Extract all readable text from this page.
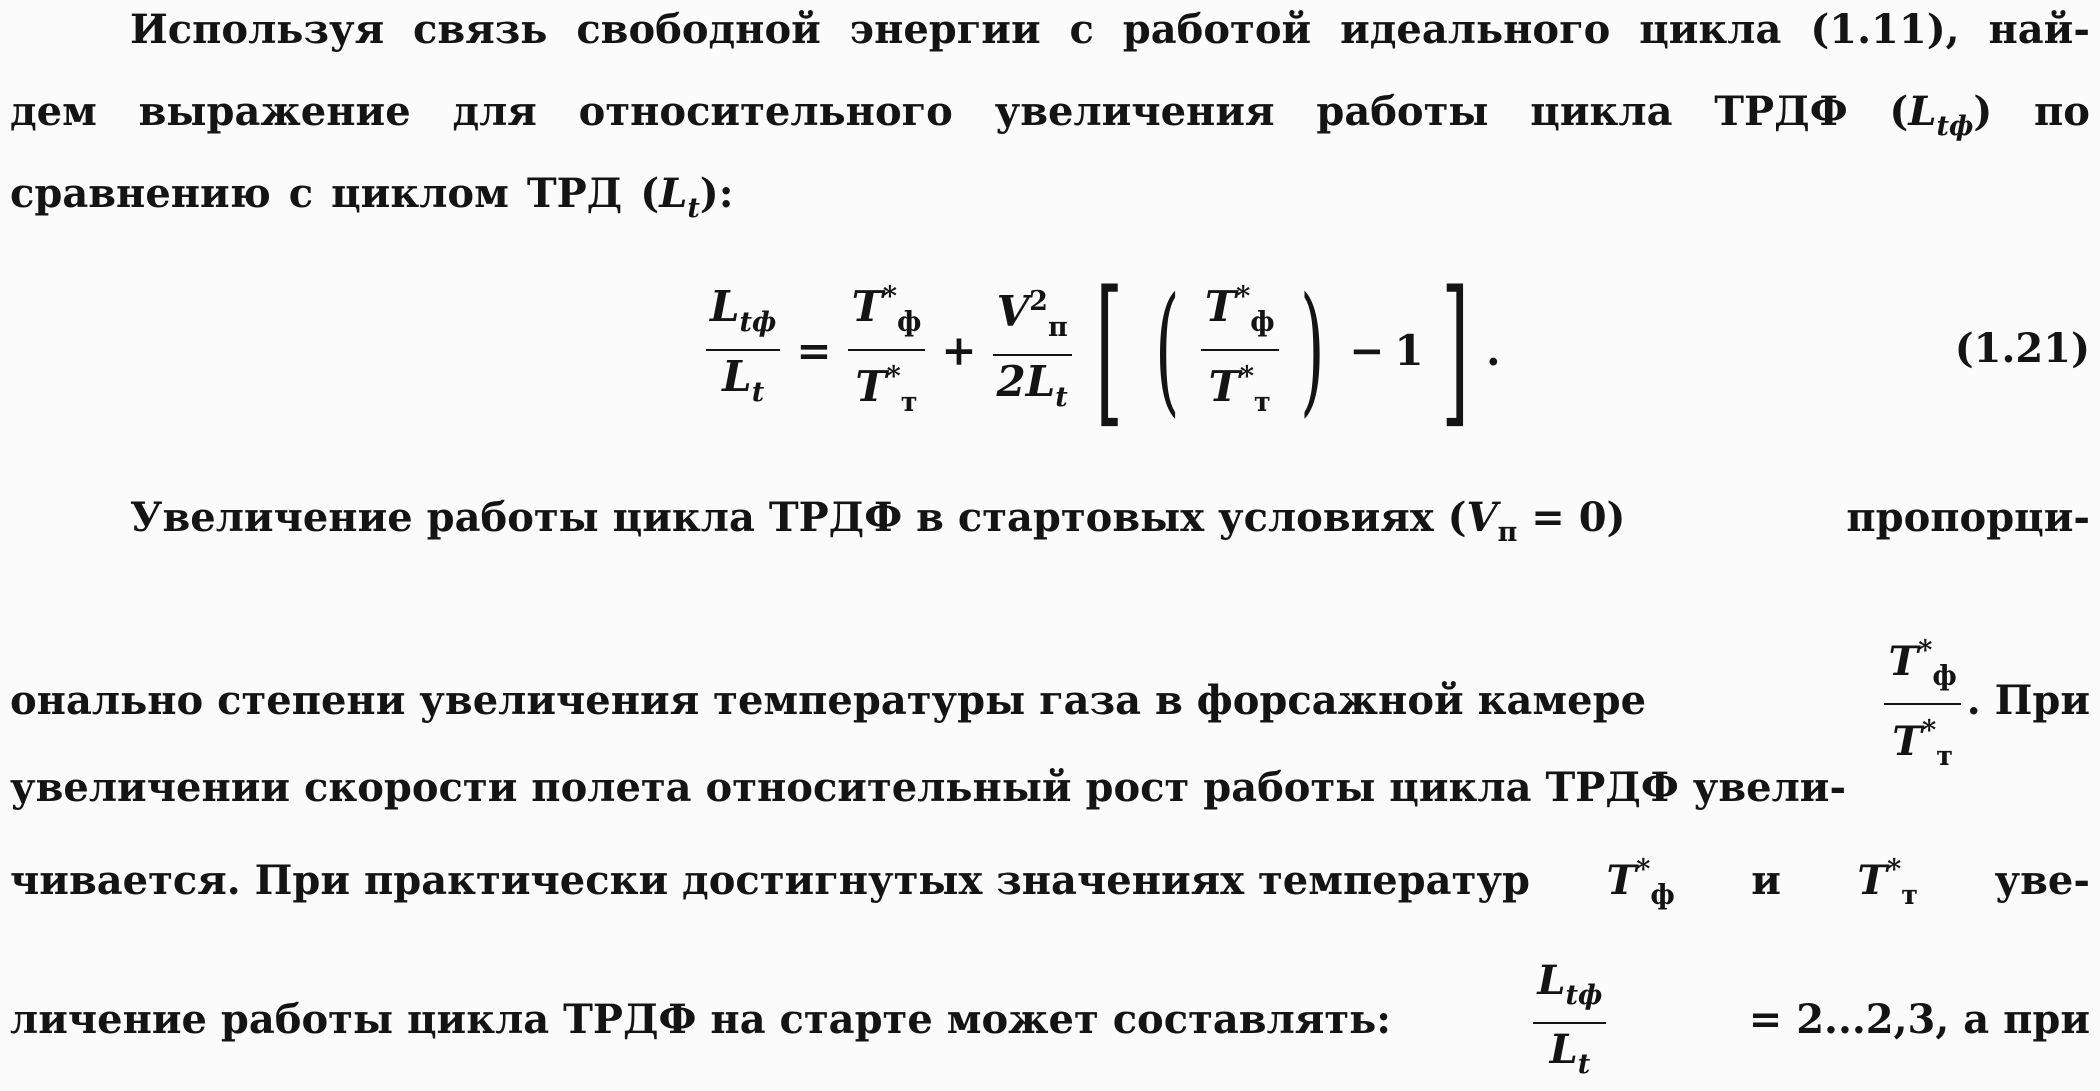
Используя связь свободной энергии с работой идеального цикла (1.11), най-
дем выражение для относительного увеличения работы цикла ТРДФ $(L_{tф})$ по
сравнению с циклом ТРД $(L_t)$:
$\frac{L_{tф}}{L_t} = \frac{T^*_ф}{T^*_т} + \frac{V^2_п}{2L_t}$ [ ( $\frac{T^*_ф}{T^*_т}$ ) − 1 ] .	(1.21)
Увеличение работы цикла ТРДФ в стартовых условиях $(V_п = 0)$	пропорци-
онально степени увеличения температуры газа в форсажной камере	$\frac{T^*_ф}{T^*_т}$ . При
увеличении скорости полета относительный рост работы цикла ТРДФ увели-
чивается. При практически достигнутых значениях температур $T^*_ф$ и $T^*_т$ уве-
личение работы цикла ТРДФ на старте может составлять:	$\frac{L_{tф}}{L_t}$	= 2...2,3, а при
